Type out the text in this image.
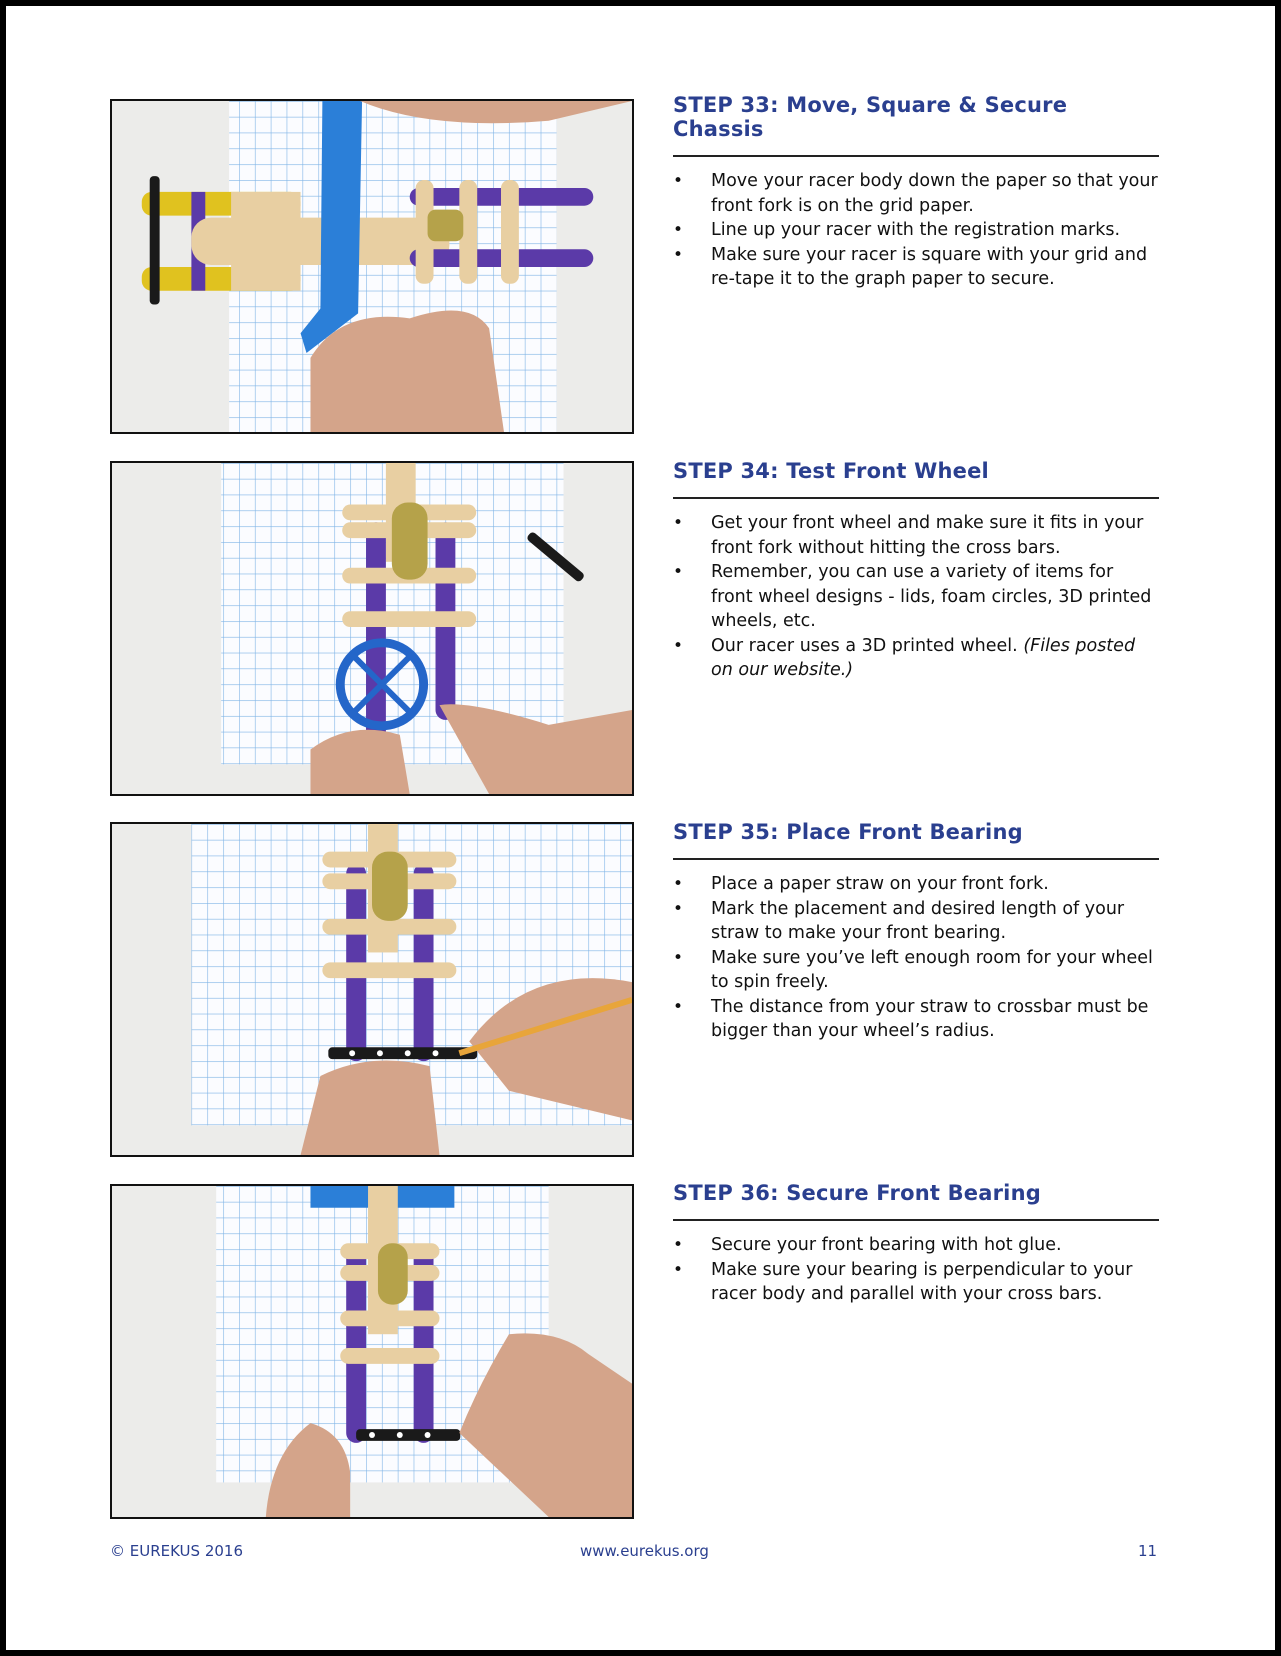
STEP 33: Move, Square & Secure Chassis
• Move your racer body down the paper so that your front fork is on the grid paper.
• Line up your racer with the registration marks.
• Make sure your racer is square with your grid and re-tape it to the graph paper to secure.
STEP 34: Test Front Wheel
• Get your front wheel and make sure it fits in your front fork without hitting the cross bars.
• Remember, you can use a variety of items for front wheel designs - lids, foam circles, 3D printed wheels, etc.
• Our racer uses a 3D printed wheel. (Files posted on our website.)
STEP 35: Place Front Bearing
• Place a paper straw on your front fork.
• Mark the placement and desired length of your straw to make your front bearing.
• Make sure you’ve left enough room for your wheel to spin freely.
• The distance from your straw to crossbar must be bigger than your wheel’s radius.
STEP 36: Secure Front Bearing
• Secure your front bearing with hot glue.
• Make sure your bearing is perpendicular to your racer body and parallel with your cross bars.
© EUREKUS 2016	www.eurekus.org	11
